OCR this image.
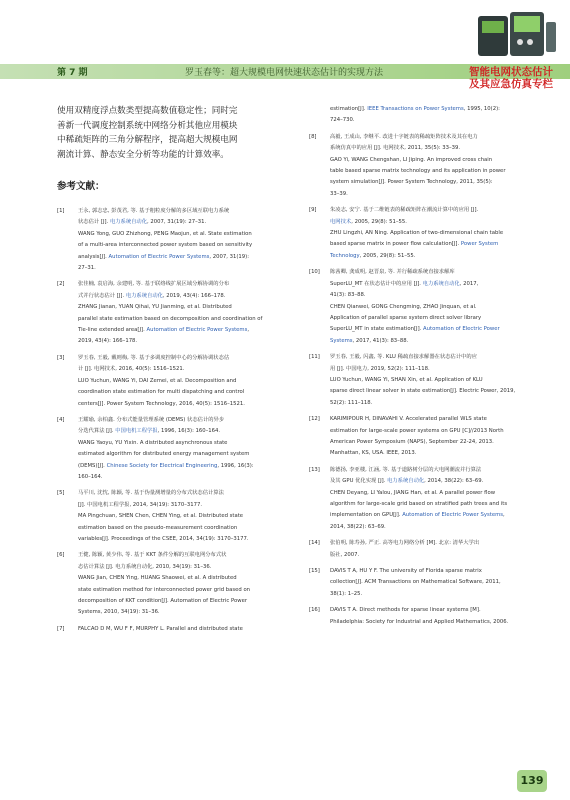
第 7 期	罗玉春等：超大规模电网快速状态估计的实现方法	智能电网状态估计
及其应急仿真专栏

使用双精度浮点数类型提高数值稳定性；同时完
善新一代调度控制系统中网络分析其他应用模块
中稀疏矩阵的三角分解程序，提高超大规模电网
潮流计算、静态安全分析等功能的计算效率。

参考文献：
[1]	王永, 郭志忠, 彭茂君, 等. 基于粗粒度分解的多区域互联电力系统
状态估计 [J]. 电力系统自动化, 2007, 31(19): 27–31.
WANG Yong, GUO Zhizhong, PENG Maojun, et al. State estimation
of a multi-area interconnected power system based on sensitivity
analysis[J]. Automation of Electric Power Systems, 2007, 31(19):
27–31.
[2]	张佳楠, 袁启海, 余建明, 等. 基于联络线扩展区域分解协调的分布
式并行状态估计 [J]. 电力系统自动化, 2019, 43(4): 166–178.
ZHANG Jianan, YUAN Qihai, YU Jianming, et al. Distributed
parallel state estimation based on decomposition and coordination of
Tie-line extended area[J]. Automation of Electric Power Systems,
2019, 43(4): 166–178.
[3]	罗玉春, 王毅, 戴则梅, 等. 基于多调度控制中心的分解协调状态估
计 [J]. 电网技术, 2016, 40(5): 1516–1521.
LUO Yuchun, WANG Yi, DAI Zemei, et al. Decomposition and
coordination state estimation for multi dispatching and control
centers[J]. Power System Technology, 2016, 40(5): 1516–1521.
[4]	王耀瑜, 余柏鑫. 分布式能量管理系统 (DEMS) 状态估计的异步
分迭代算法 [J]. 中国电机工程学报, 1996, 16(3): 160–164.
WANG Yaoyu, YU Yixin. A distributed asynchronous state
estimated algorithm for distributed energy management system
(DEMS)[J]. Chinese Society for Electrical Engineering, 1996, 16(3):
160–164.
[5]	马平川, 沈忱, 陈颖, 等. 基于伪量测增量的分布式状态估计算法
[J]. 中国电机工程学报, 2014, 34(19): 3170–3177.
MA Pingchuan, SHEN Chen, CHEN Ying, et al. Distributed state
estimation based on the pseudo-measurement coordination
variables[J]. Proceedings of the CSEE, 2014, 34(19): 3170–3177.
[6]	王健, 陈颖, 黄少伟, 等. 基于 KKT 条件分解的互联电网分布式状
态估计算法 [J]. 电力系统自动化, 2010, 34(19): 31–36.
WANG Jian, CHEN Ying, HUANG Shaowei, et al. A distributed
state estimation method for interconnected power grid based on
decomposition of KKT condition[J]. Automation of Electric Power
Systems, 2010, 34(19): 31–36.
[7]	FALCAO D M, WU F F, MURPHY L. Parallel and distributed state
estimation[J]. IEEE Transactions on Power Systems, 1995, 10(2):
724–730.
[8]	高毅, 王成山, 李继平. 改进十字链表的稀疏矩阵技术及其在电力
系统仿真中的应用 [J]. 电网技术, 2011, 35(5): 33–39.
GAO Yi, WANG Chengshan, LI Jiping. An improved cross chain
table based sparse matrix technology and its application in power
system simulation[J]. Power System Technology, 2011, 35(5):
33–39.
[9]	朱凌志, 安宁. 基于二维链表的稀疏矩阵在潮流计算中的应用 [J].
电网技术, 2005, 29(8): 51–55.
ZHU Lingzhi, AN Ning. Application of two-dimensional chain table
based sparse matrix in power flow calculation[J]. Power System
Technology, 2005, 29(8): 51–55.
[10] 陈茜卿, 龚成明, 赵晋泉, 等. 并行稀疏系统直接求解库
SuperLU_MT 在状态估计中的应用 [J]. 电力系统自动化, 2017,
41(3): 83–88.
CHEN Qianwei, GONG Chengming, ZHAO Jinquan, et al.
Application of parallel sparse system direct solver library
SuperLU_MT in state estimation[J]. Automation of Electric Power
Systems, 2017, 41(3): 83–88.
[11] 罗玉春, 王毅, 闪鑫, 等. KLU 稀疏直接求解器在状态估计中的应
用 [J]. 中国电力, 2019, 52(2): 111–118.
LUO Yuchun, WANG Yi, SHAN Xin, et al. Application of KLU
sparse direct linear solver in state estimation[J]. Electric Power, 2019,
52(2): 111–118.
[12] KARIMIPOUR H, DINAVAHI V. Accelerated parallel WLS state
estimation for large-scale power systems on GPU [C]//2013 North
American Power Symposium (NAPS), September 22-24, 2013.
Manhattan, KS, USA. IEEE, 2013.
[13] 陈德扬, 李亚楼, 江涵, 等. 基于道路树分层的大电网潮流并行算法
及其 GPU 优化实现 [J]. 电力系统自动化, 2014, 38(22): 63–69.
CHEN Deyang, LI Yalou, JIANG Han, et al. A parallel power flow
algorithm for large-scale grid based on stratified path trees and its
implementation on GPU[J]. Automation of Electric Power Systems,
2014, 38(22): 63–69.
[14] 张伯明, 陈寿孙, 严正. 高等电力网络分析 [M]. 北京: 清华大学出
版社, 2007.
[15] DAVIS T A, HU Y F. The university of Florida sparse matrix
collection[J]. ACM Transactions on Mathematical Software, 2011,
38(1): 1–25.
[16] DAVIS T A. Direct methods for sparse linear systems [M].
Philadelphia: Society for Industrial and Applied Mathematics, 2006.
139
